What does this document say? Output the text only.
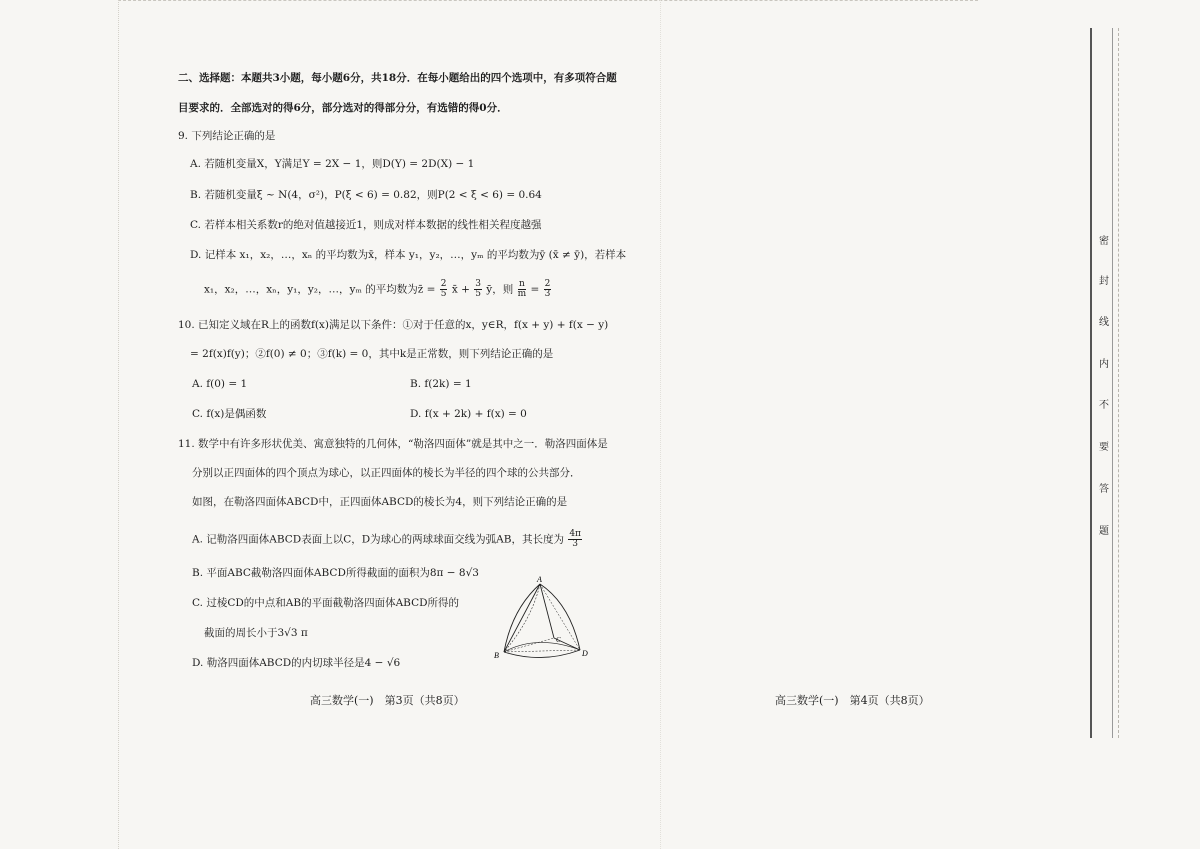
二、选择题：本题共3小题，每小题6分，共18分．在每小题给出的四个选项中，有多项符合题
目要求的．全部选对的得6分，部分选对的得部分分，有选错的得0分．
9. 下列结论正确的是
A. 若随机变量X，Y满足Y = 2X − 1，则D(Y) = 2D(X) − 1
B. 若随机变量ξ ~ N(4，σ²)，P(ξ < 6) = 0.82，则P(2 < ξ < 6) = 0.64
C. 若样本相关系数r的绝对值越接近1，则成对样本数据的线性相关程度越强
D. 记样本 x₁，x₂，…，xₙ 的平均数为x̄，样本 y₁，y₂，…，yₘ 的平均数为ȳ (x̄ ≠ ȳ)，若样本
x₁，x₂，…，xₙ，y₁，y₂，…，yₘ 的平均数为z̄ = $\frac{2}{5}$ x̄ + $\frac{3}{5}$ ȳ，则 $\frac{n}{m} = \frac{2}{3}$
10. 已知定义域在R上的函数f(x)满足以下条件：①对于任意的x，y∈R，f(x + y) + f(x − y)
= 2f(x)f(y)；②f(0) ≠ 0；③f(k) = 0，其中k是正常数，则下列结论正确的是
A. f(0) = 1	B. f(2k) = 1
C. f(x)是偶函数	D. f(x + 2k) + f(x) = 0
11. 数学中有许多形状优美、寓意独特的几何体，“勒洛四面体”就是其中之一．勒洛四面体是
分别以正四面体的四个顶点为球心，以正四面体的棱长为半径的四个球的公共部分．
如图，在勒洛四面体ABCD中，正四面体ABCD的棱长为4，则下列结论正确的是
A. 记勒洛四面体ABCD表面上以C，D为球心的两球球面交线为弧AB，其长度为 $\frac{4\pi}{3}$
B. 平面ABC截勒洛四面体ABCD所得截面的面积为8π − 8√3
C. 过棱CD的中点和AB的平面截勒洛四面体ABCD所得的
截面的周长小于3√3 π
D. 勒洛四面体ABCD的内切球半径是4 − √6
A
B
C
D
高三数学(一)　第3页（共8页）	高三数学(一)　第4页（共8页）
密
封
线
内
不
要
答
题
